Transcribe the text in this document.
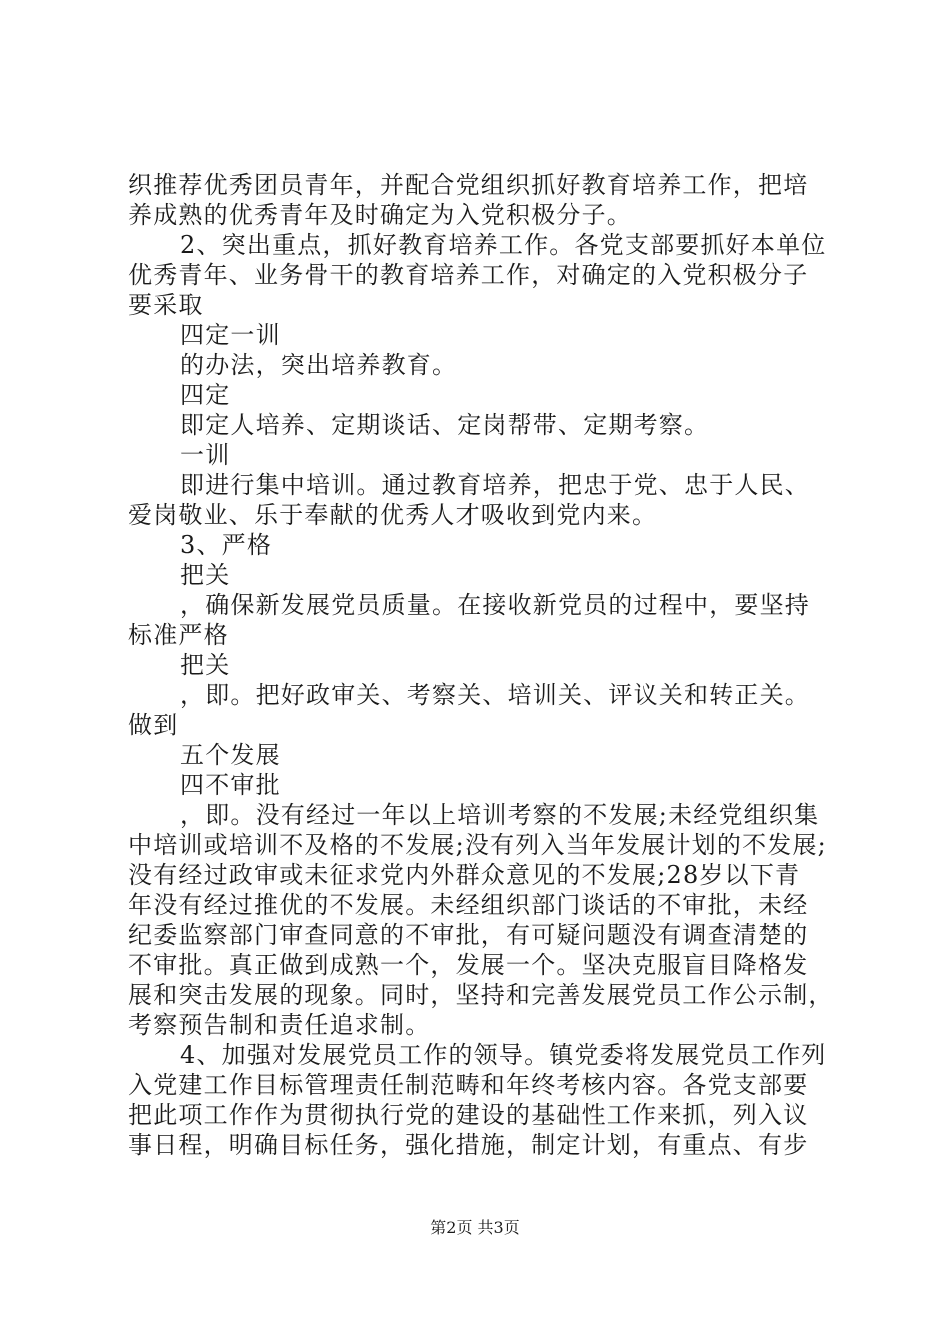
织推荐优秀团员青年，并配合党组织抓好教育培养工作，把培
养成熟的优秀青年及时确定为入党积极分子。
2、突出重点，抓好教育培养工作。各党支部要抓好本单位
优秀青年、业务骨干的教育培养工作，对确定的入党积极分子
要采取
四定一训
的办法，突出培养教育。
四定
即定人培养、定期谈话、定岗帮带、定期考察。
一训
即进行集中培训。通过教育培养，把忠于党、忠于人民、
爱岗敬业、乐于奉献的优秀人才吸收到党内来。
3、严格
把关
，确保新发展党员质量。在接收新党员的过程中，要坚持
标准严格
把关
，即。把好政审关、考察关、培训关、评议关和转正关。
做到
五个发展
四不审批
，即。没有经过一年以上培训考察的不发展;未经党组织集
中培训或培训不及格的不发展;没有列入当年发展计划的不发展;
没有经过政审或未征求党内外群众意见的不发展;28岁以下青
年没有经过推优的不发展。未经组织部门谈话的不审批，未经
纪委监察部门审查同意的不审批，有可疑问题没有调查清楚的
不审批。真正做到成熟一个，发展一个。坚决克服盲目降格发
展和突击发展的现象。同时，坚持和完善发展党员工作公示制，
考察预告制和责任追求制。
4、加强对发展党员工作的领导。镇党委将发展党员工作列
入党建工作目标管理责任制范畴和年终考核内容。各党支部要
把此项工作作为贯彻执行党的建设的基础性工作来抓，列入议
事日程，明确目标任务，强化措施，制定计划，有重点、有步
第2页 共3页
